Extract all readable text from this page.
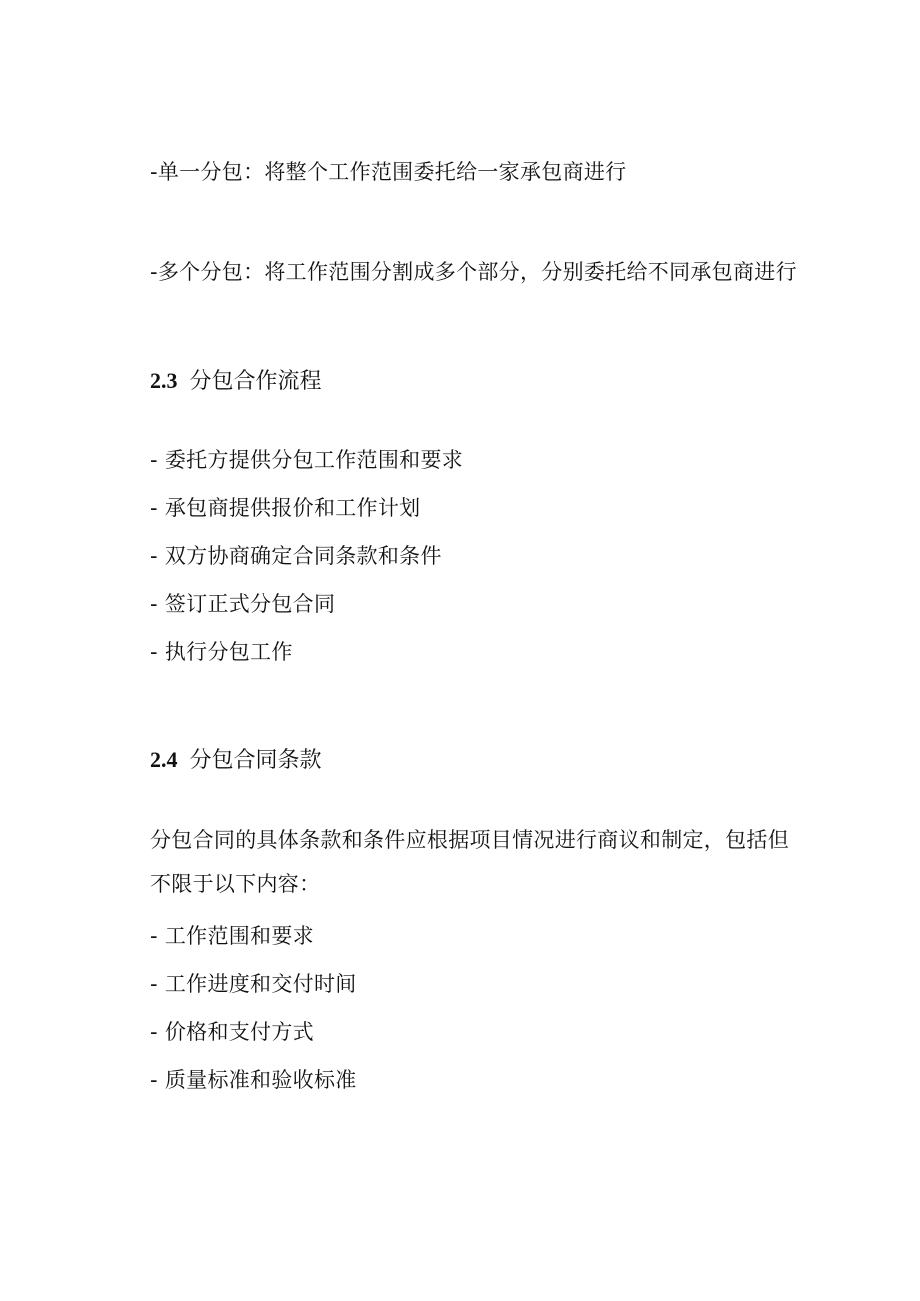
-单一分包：将整个工作范围委托给一家承包商进行
-多个分包：将工作范围分割成多个部分，分别委托给不同承包商进行
2.3 分包合作流程
- 委托方提供分包工作范围和要求
- 承包商提供报价和工作计划
- 双方协商确定合同条款和条件
- 签订正式分包合同
- 执行分包工作
2.4 分包合同条款
分包合同的具体条款和条件应根据项目情况进行商议和制定，包括但
不限于以下内容：
- 工作范围和要求
- 工作进度和交付时间
- 价格和支付方式
- 质量标准和验收标准
